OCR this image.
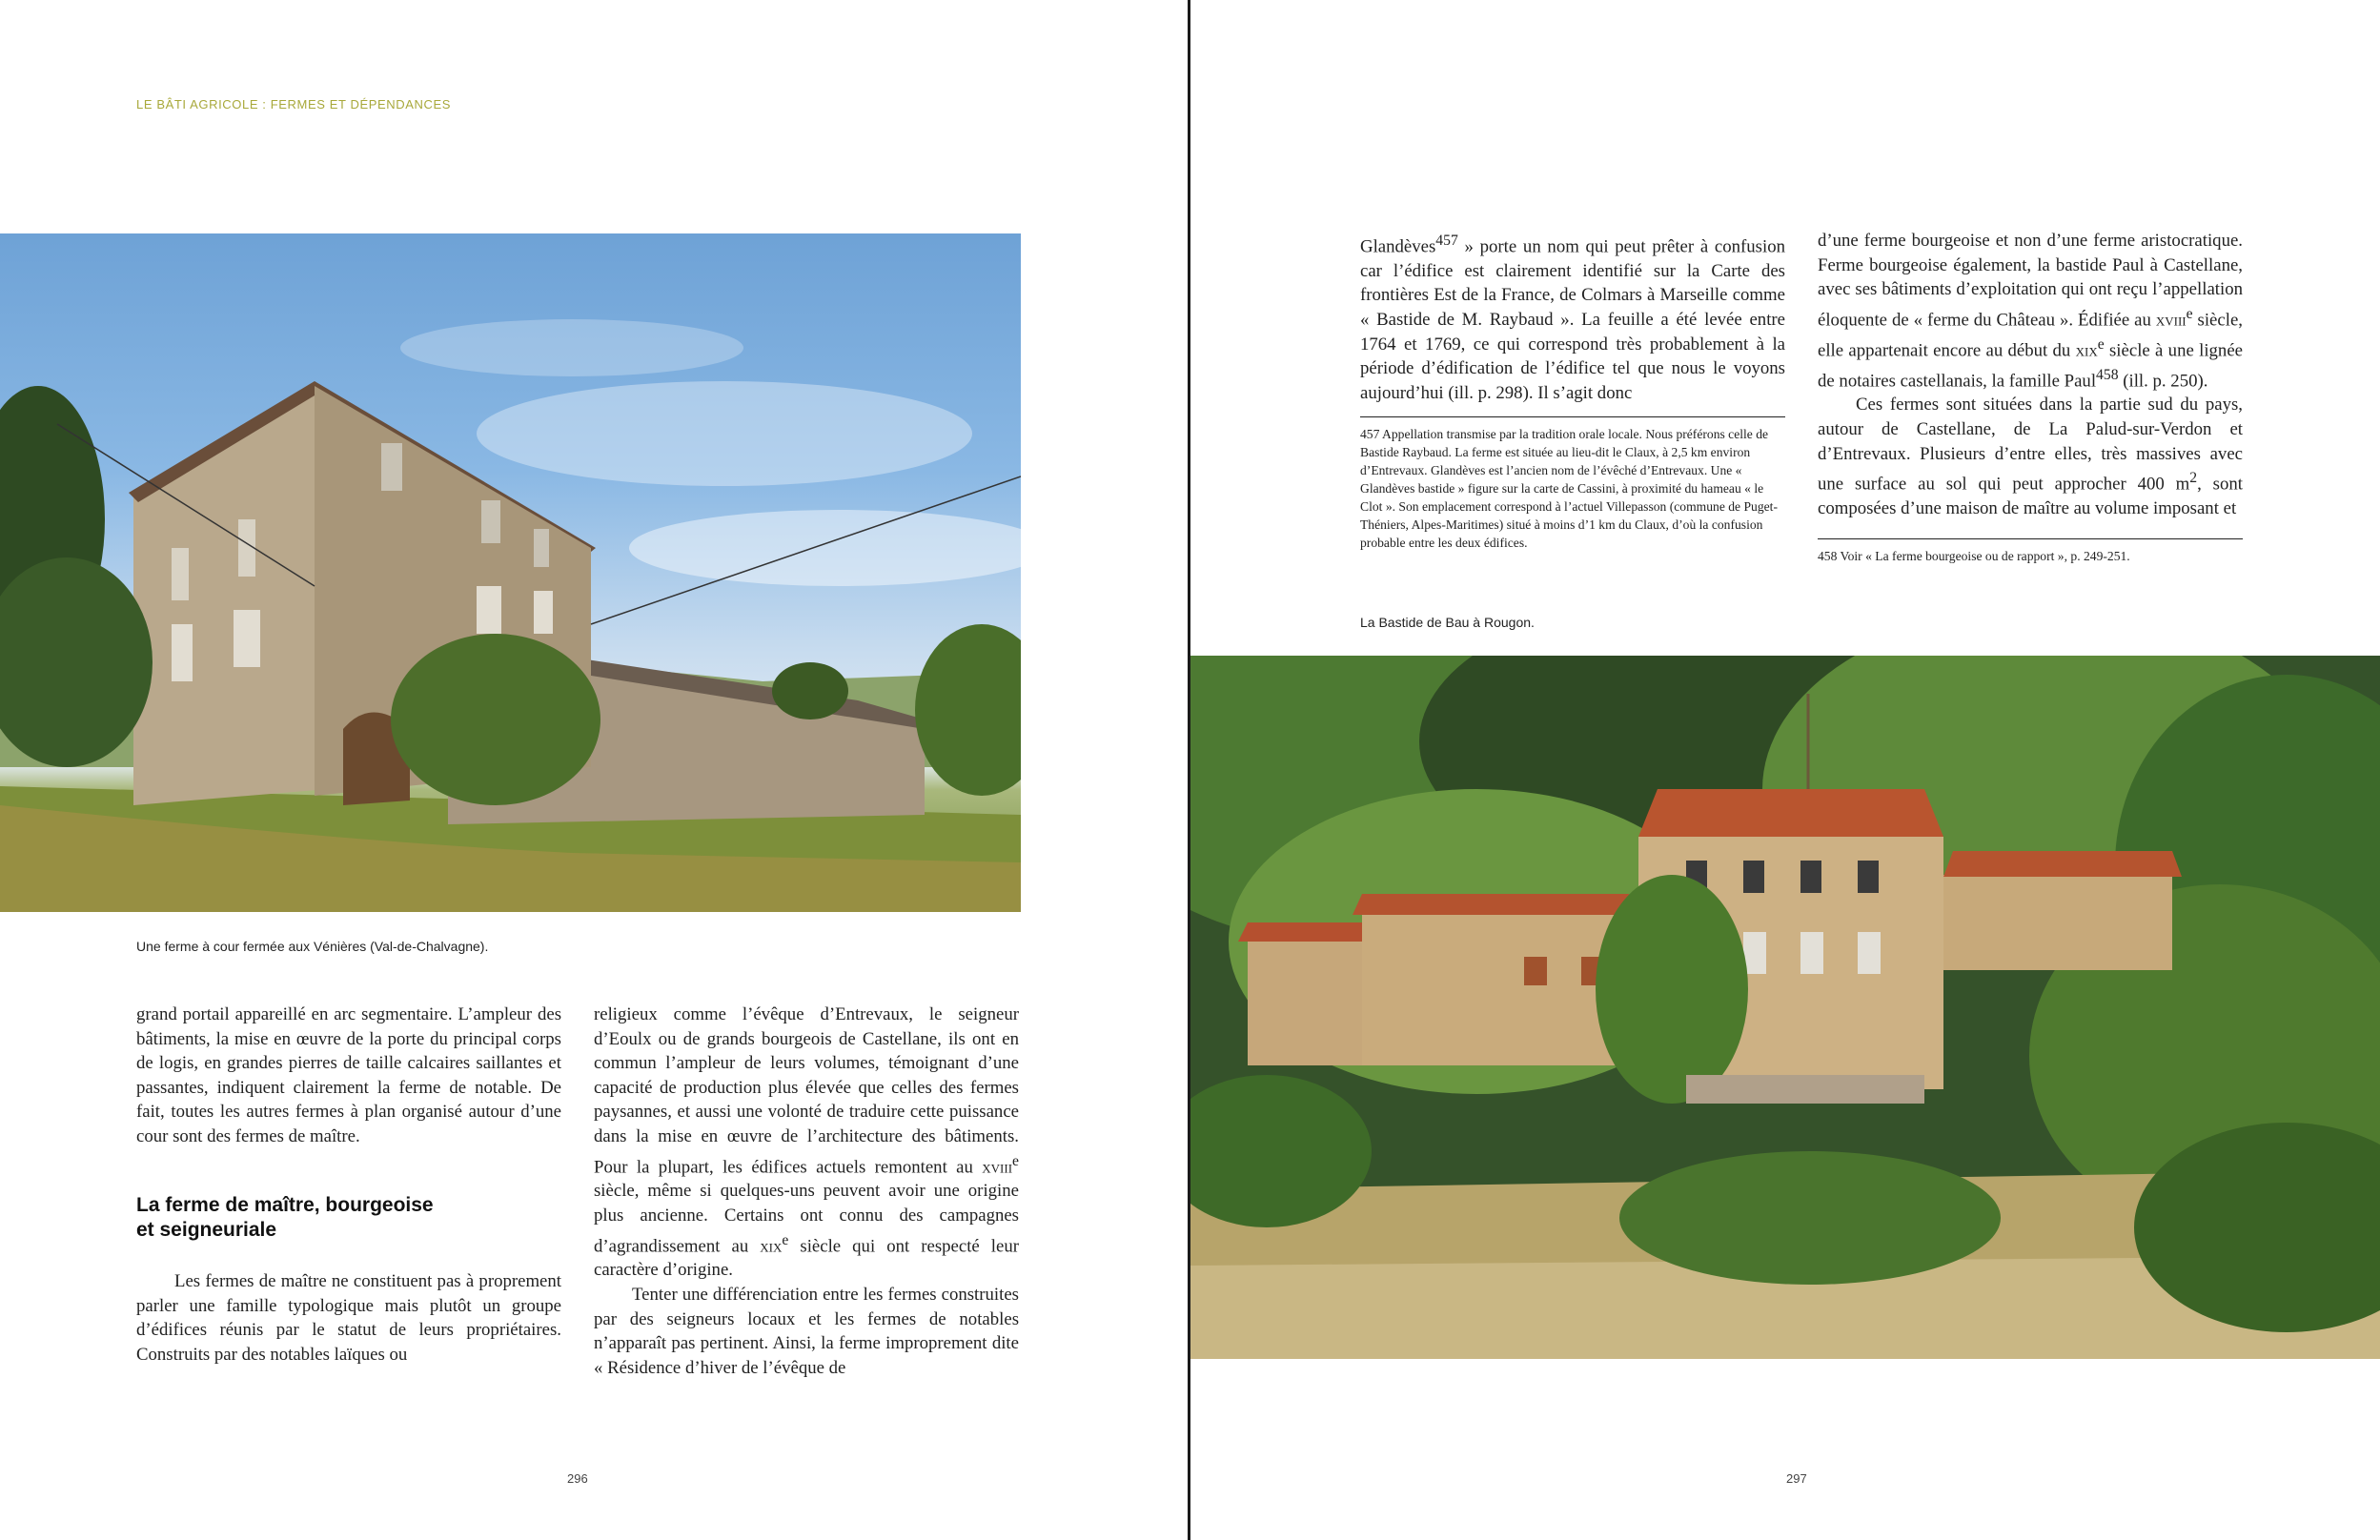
LE BÂTI AGRICOLE : FERMES ET DÉPENDANCES
Une ferme à cour fermée aux Vénières (Val-de-Chalvagne).

grand portail appareillé en arc segmentaire. L’ampleur des bâtiments, la mise en œuvre de la porte du principal corps de logis, en grandes pierres de taille calcaires saillantes et passantes, indiquent clairement la ferme de notable. De fait, toutes les autres fermes à plan organisé autour d’une cour sont des fermes de maître.

La ferme de maître, bourgeoise
et seigneuriale

Les fermes de maître ne constituent pas à proprement parler une famille typologique mais plutôt un groupe d’édifices réunis par le statut de leurs propriétaires. Construits par des notables laïques ou

religieux comme l’évêque d’Entrevaux, le seigneur d’Eoulx ou de grands bourgeois de Castellane, ils ont en commun l’ampleur de leurs volumes, témoignant d’une capacité de production plus élevée que celles des fermes paysannes, et aussi une volonté de traduire cette puissance dans la mise en œuvre de l’architecture des bâtiments. Pour la plupart, les édifices actuels remontent au xviii$^e$ siècle, même si quelques-uns peuvent avoir une origine plus ancienne. Certains ont connu des campagnes d’agrandissement au xix$^e$ siècle qui ont respecté leur caractère d’origine.

Tenter une différenciation entre les fermes construites par des seigneurs locaux et les fermes de notables n’apparaît pas pertinent. Ainsi, la ferme improprement dite « Résidence d’hiver de l’évêque de

296

Glandèves$^{457}$ » porte un nom qui peut prêter à confusion car l’édifice est clairement identifié sur la Carte des frontières Est de la France, de Colmars à Marseille comme « Bastide de M. Raybaud ». La feuille a été levée entre 1764 et 1769, ce qui correspond très probablement à la période d’édification de l’édifice tel que nous le voyons aujourd’hui (ill. p. 298). Il s’agit donc

457 Appellation transmise par la tradition orale locale. Nous préférons celle de Bastide Raybaud. La ferme est située au lieu-dit le Claux, à 2,5 km environ d’Entrevaux. Glandèves est l’ancien nom de l’évêché d’Entrevaux. Une « Glandèves bastide » figure sur la carte de Cassini, à proximité du hameau « le Clot ». Son emplacement correspond à l’actuel Villepasson (commune de Puget-Théniers, Alpes-Maritimes) situé à moins d’1 km du Claux, d’où la confusion probable entre les deux édifices.

d’une ferme bourgeoise et non d’une ferme aristocratique. Ferme bourgeoise également, la bastide Paul à Castellane, avec ses bâtiments d’exploitation qui ont reçu l’appellation éloquente de « ferme du Château ». Édifiée au xviii$^e$ siècle, elle appartenait encore au début du xix$^e$ siècle à une lignée de notaires castellanais, la famille Paul$^{458}$ (ill. p. 250).

Ces fermes sont situées dans la partie sud du pays, autour de Castellane, de La Palud-sur-Verdon et d’Entrevaux. Plusieurs d’entre elles, très massives avec une surface au sol qui peut approcher 400 $m^2$, sont composées d’une maison de maître au volume imposant et

458 Voir « La ferme bourgeoise ou de rapport », p. 249-251.

La Bastide de Bau à Rougon.
297
